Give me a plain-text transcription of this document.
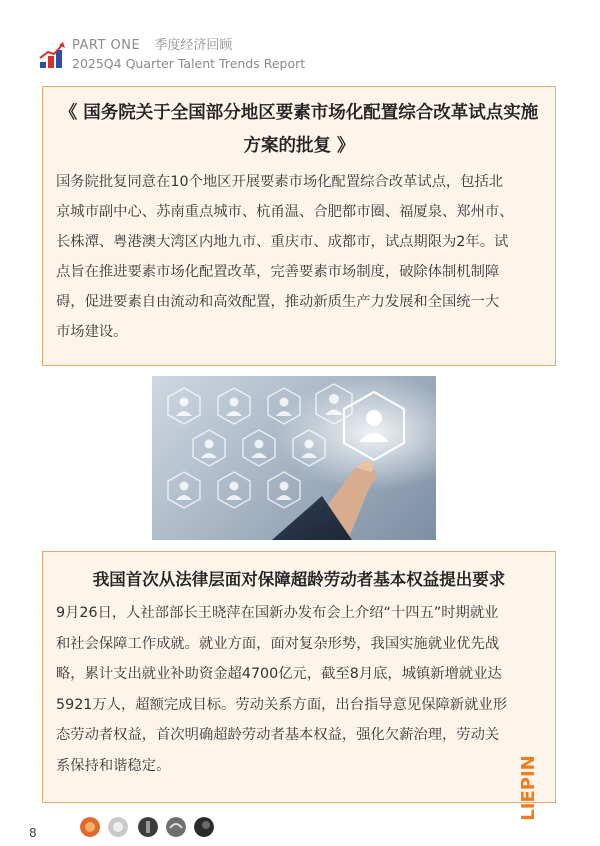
PART ONE 季度经济回顾
2025Q4 Quarter Talent Trends Report
《 国务院关于全国部分地区要素市场化配置综合改革试点实施
方案的批复 》
国务院批复同意在10个地区开展要素市场化配置综合改革试点，包括北
京城市副中心、苏南重点城市、杭甬温、合肥都市圈、福厦泉、郑州市、
长株潭、粤港澳大湾区内地九市、重庆市、成都市，试点期限为2年。试
点旨在推进要素市场化配置改革，完善要素市场制度，破除体制机制障
碍，促进要素自由流动和高效配置，推动新质生产力发展和全国统一大
市场建设。
我国首次从法律层面对保障超龄劳动者基本权益提出要求
9月26日，人社部部长王晓萍在国新办发布会上介绍“十四五”时期就业
和社会保障工作成就。就业方面，面对复杂形势，我国实施就业优先战
略，累计支出就业补助资金超4700亿元，截至8月底，城镇新增就业达
5921万人，超额完成目标。劳动关系方面，出台指导意见保障新就业形
态劳动者权益，首次明确超龄劳动者基本权益，强化欠薪治理，劳动关
系保持和谐稳定。
8
LIEPIN
